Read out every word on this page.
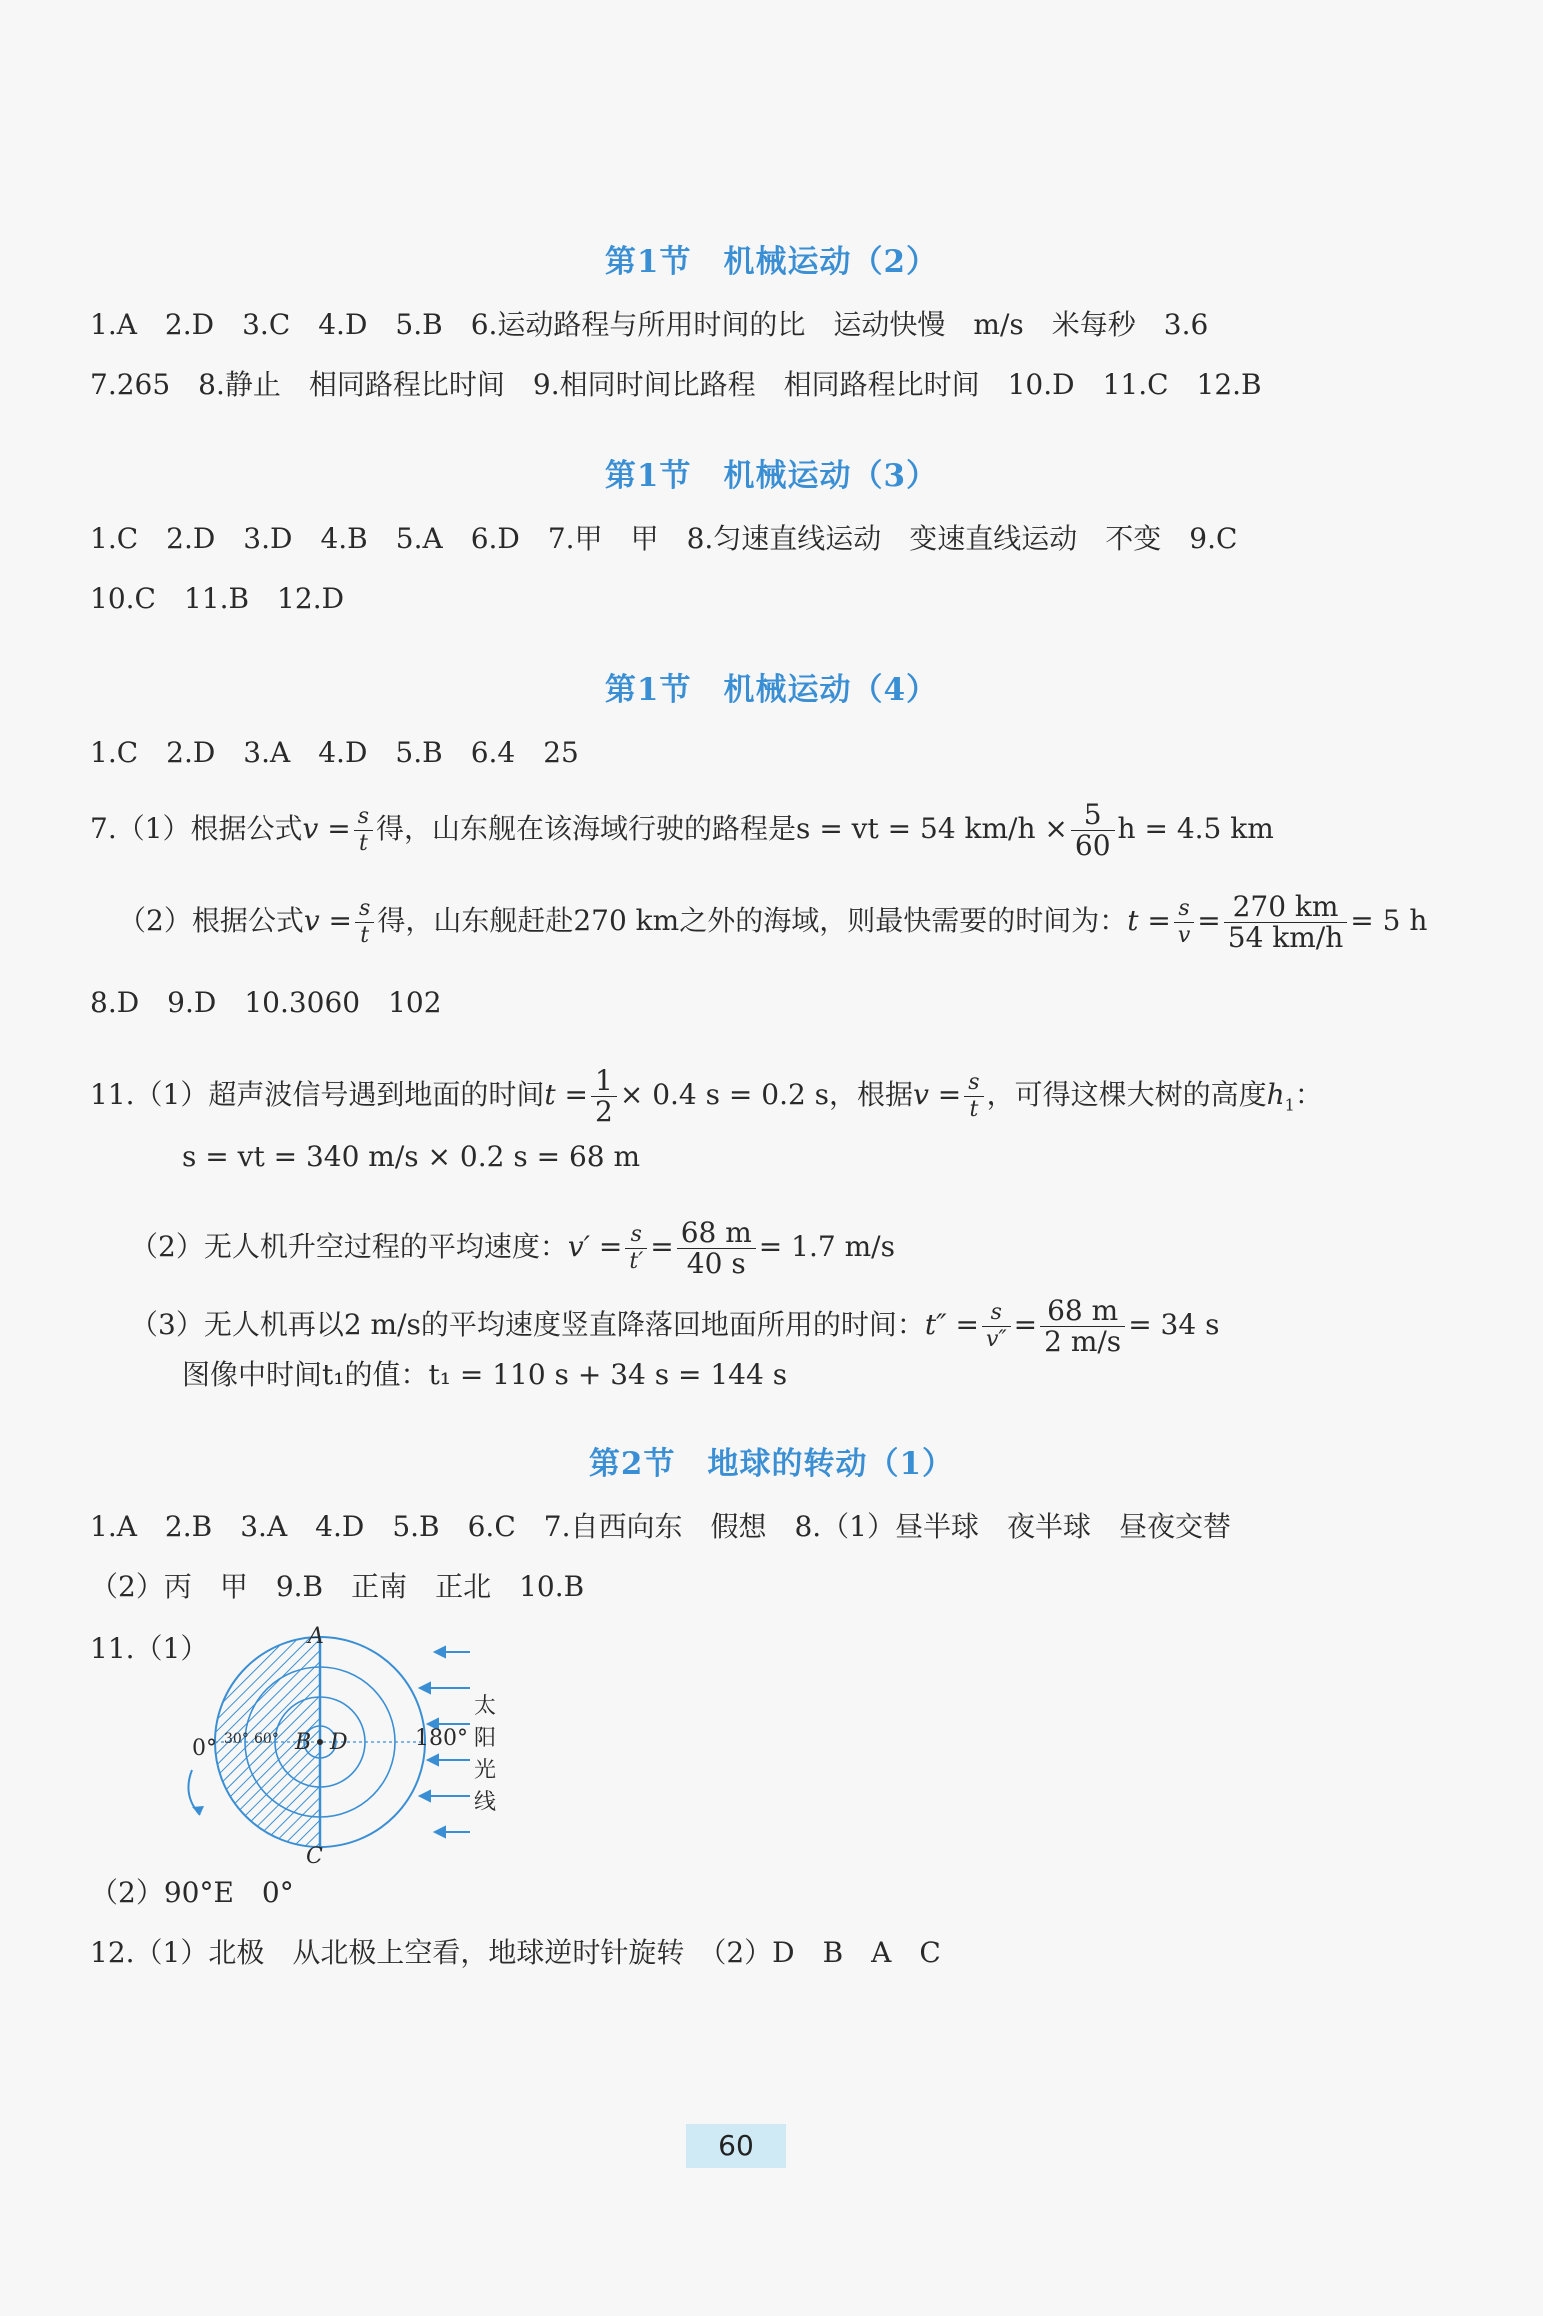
第1节　机械运动（2）
1.A　2.D　3.C　4.D　5.B　6.运动路程与所用时间的比　运动快慢　m/s　米每秒　3.6
7.265　8.静止　相同路程比时间　9.相同时间比路程　相同路程比时间　10.D　11.C　12.B
第1节　机械运动（3）
1.C　2.D　3.D　4.B　5.A　6.D　7.甲　甲　8.匀速直线运动　变速直线运动　不变　9.C
10.C　11.B　12.D
第1节　机械运动（4）
1.C　2.D　3.A　4.D　5.B　6.4　25
7.（1）根据公式$v = \frac{s}{t}$ 得，山东舰在该海域行驶的路程是s = vt = 54 $km/h \times \frac{5}{60}$ h = 4.5 km
（2）根据公式$v = \frac{s}{t}$ 得，山东舰赶赴270 km之外的海域，则最快需要的时间为：$t = \frac{s}{v} = \frac{270 km}{54 km/h} = 5$ h
8.D　9.D　10.3060　102
11.（1）超声波信号遇到地面的时间$t = \frac{1}{2} \times 0.4$ s = 0.2 s，根据$v = \frac{s}{t}$ ，可得这棵大树的高度$h_1$：
s = vt = 340 m/s × 0.2 s = 68 m
（2）无人机升空过程的平均速度：$v' = \frac{s}{t'} = \frac{68 m}{40 s} = 1.7$ m/s
（3）无人机再以2 m/s的平均速度竖直降落回地面所用的时间：$t'' = \frac{s}{v''} = \frac{68 m}{2 m/s} = 34$ s
图像中时间t₁的值：t₁ = 110 s + 34 s = 144 s
第2节　地球的转动（1）
1.A　2.B　3.A　4.D　5.B　6.C　7.自西向东　假想　8.（1）昼半球　夜半球　昼夜交替
（2）丙　甲　9.B　正南　正北　10.B
11.（1）	A
C
B D
0° 30° 60°	180°
太
阳
光
线
（2）90°E　0°
12.（1）北极　从北极上空看，地球逆时针旋转　（2）D　B　A　C
60
